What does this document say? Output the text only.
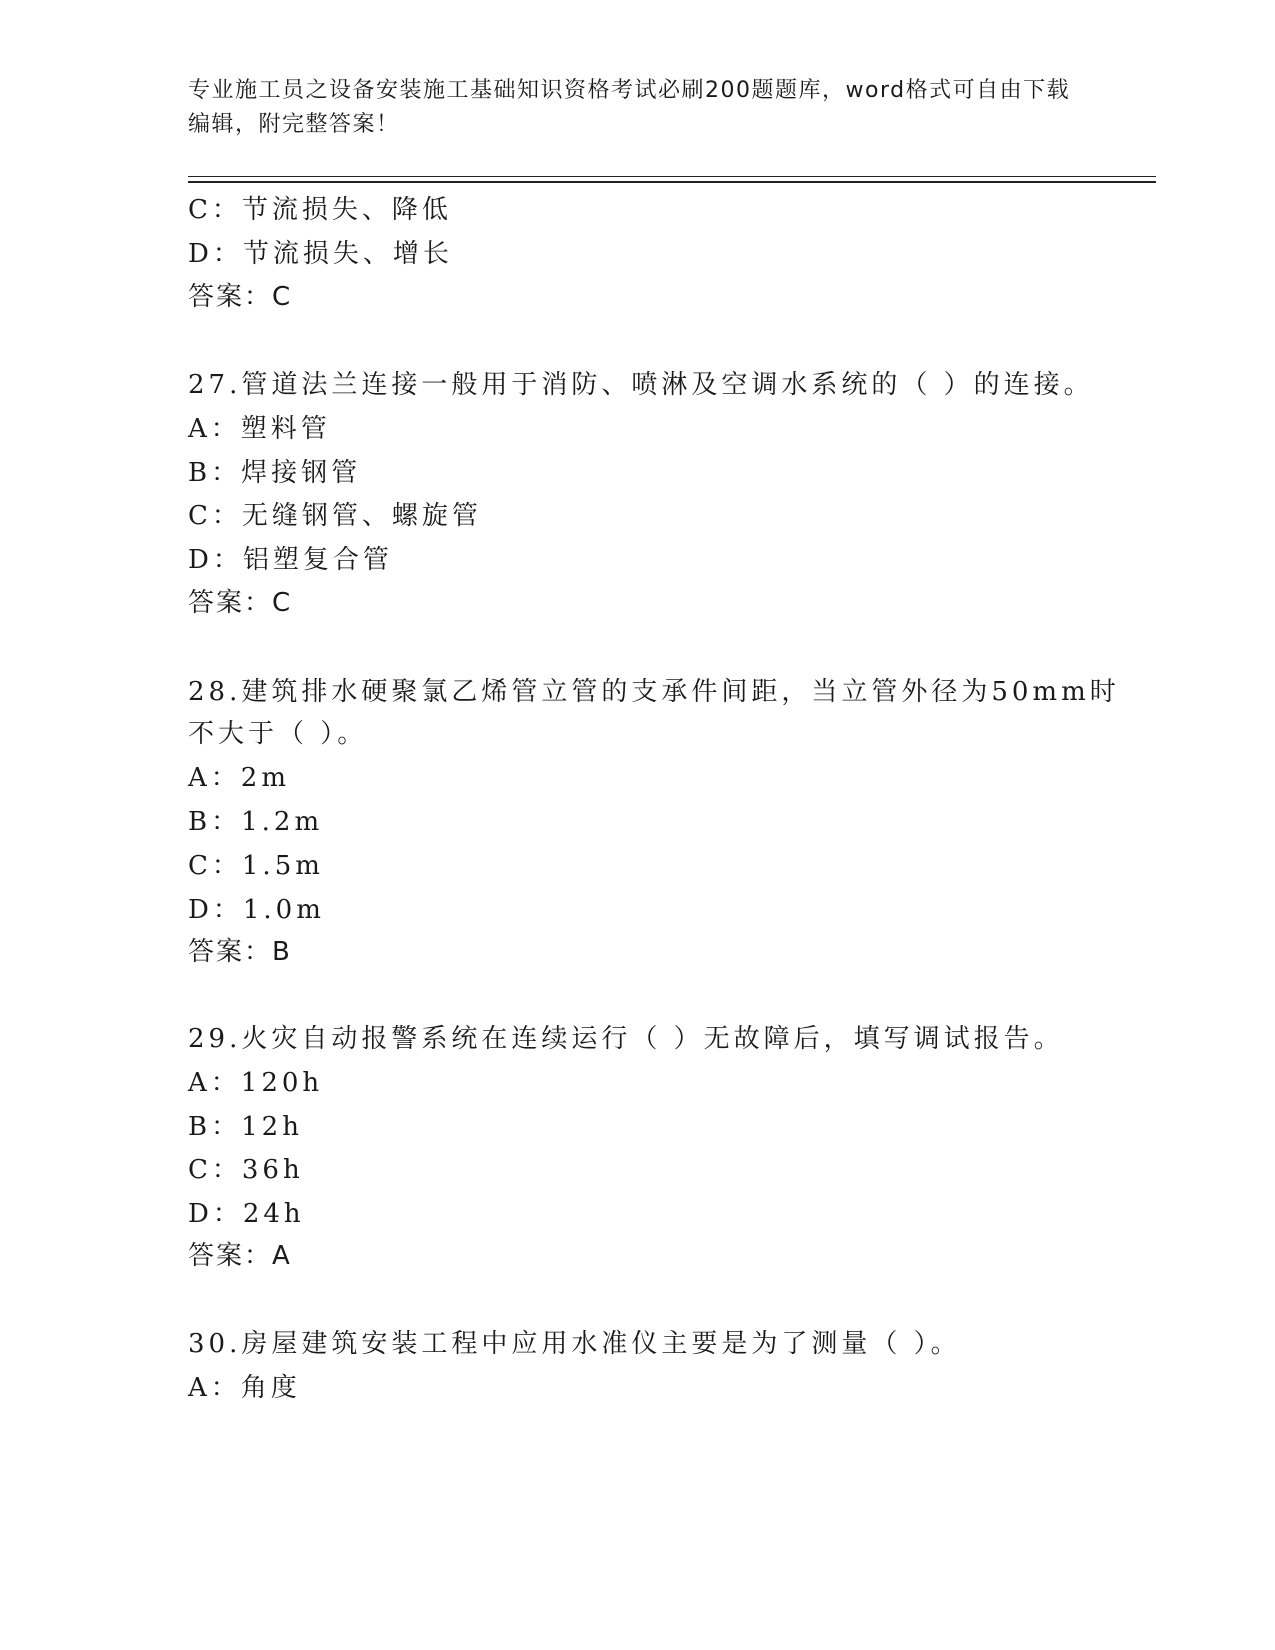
专业施工员之设备安装施工基础知识资格考试必刷200题题库，word格式可自由下载编辑，附完整答案！
C：节流损失、降低
D：节流损失、增长
答案：C
27.管道法兰连接一般用于消防、喷淋及空调水系统的（ ）的连接。
A：塑料管
B：焊接钢管
C：无缝钢管、螺旋管
D：铝塑复合管
答案：C
28.建筑排水硬聚氯乙烯管立管的支承件间距，当立管外径为50mm时
不大于（ ）。
A：2m
B：1.2m
C：1.5m
D：1.0m
答案：B
29.火灾自动报警系统在连续运行（ ）无故障后，填写调试报告。
A：120h
B：12h
C：36h
D：24h
答案：A
30.房屋建筑安装工程中应用水准仪主要是为了测量（ ）。
A：角度
